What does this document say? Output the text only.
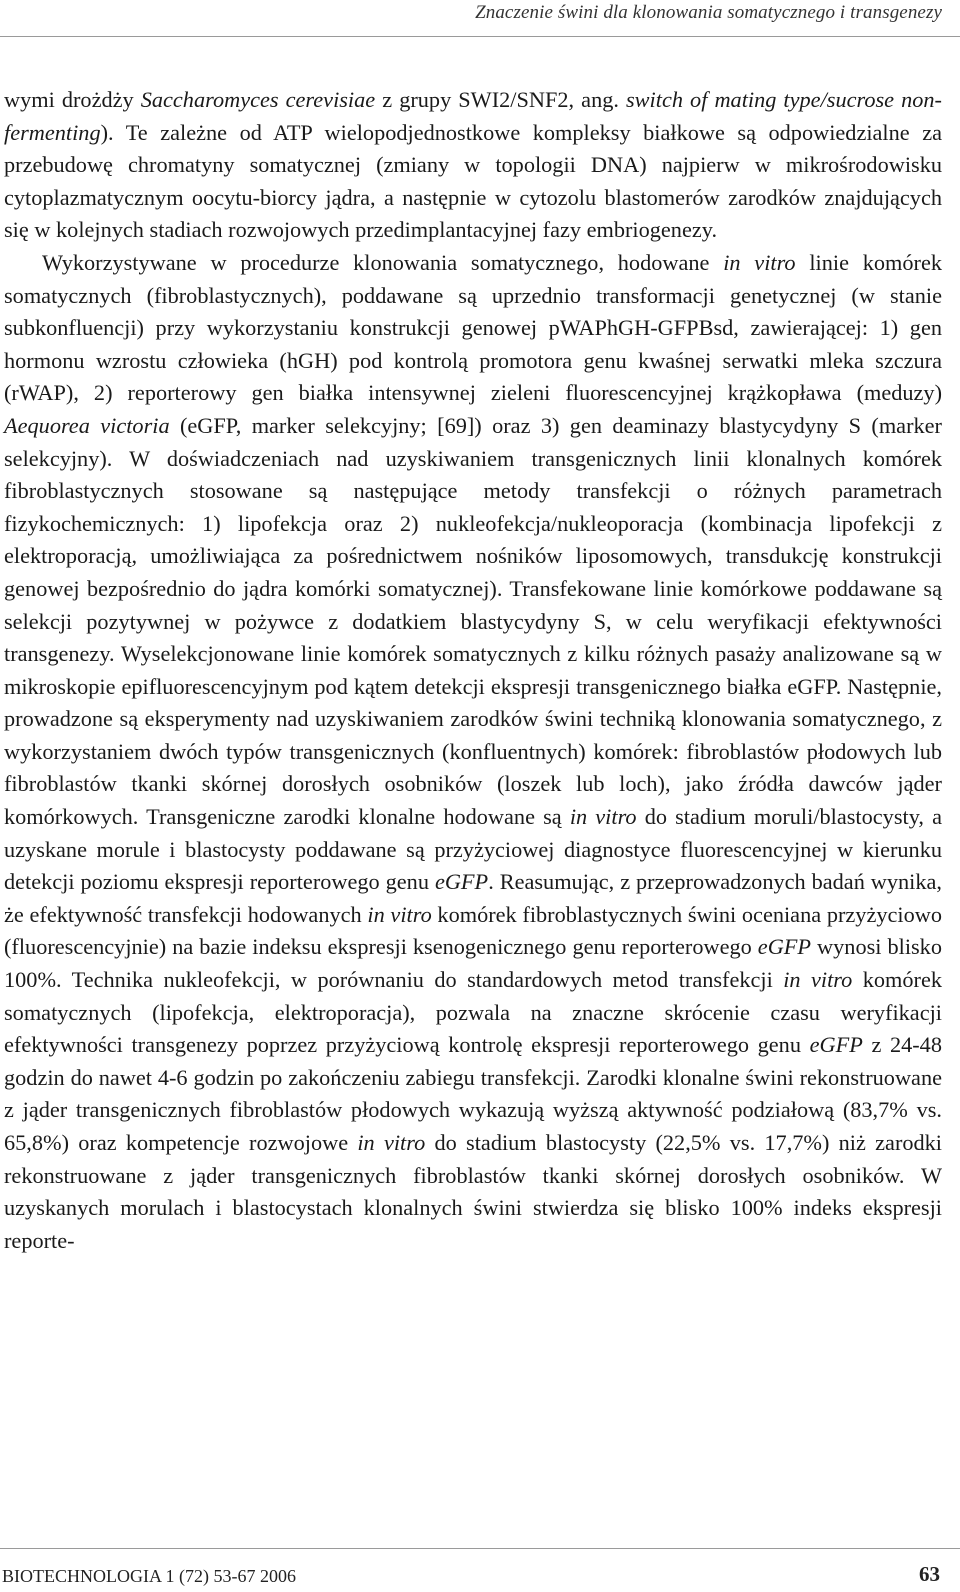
Znaczenie świni dla klonowania somatycznego i transgenezy

wymi drożdży Saccharomyces cerevisiae z grupy SWI2/SNF2, ang. switch of mating type/sucrose non-fermenting). Te zależne od ATP wielopodjednostkowe kompleksy białkowe są odpowiedzialne za przebudowę chromatyny somatycznej (zmiany w topologii DNA) najpierw w mikrośrodowisku cytoplazmatycznym oocytu-biorcy jądra, a następnie w cytozolu blastomerów zarodków znajdujących się w kolejnych stadiach rozwojowych przedimplantacyjnej fazy embriogenezy.

Wykorzystywane w procedurze klonowania somatycznego, hodowane in vitro linie komórek somatycznych (fibroblastycznych), poddawane są uprzednio transformacji genetycznej (w stanie subkonfluencji) przy wykorzystaniu konstrukcji genowej pWAPhGH-GFPBsd, zawierającej: 1) gen hormonu wzrostu człowieka (hGH) pod kontrolą promotora genu kwaśnej serwatki mleka szczura (rWAP), 2) reporterowy gen białka intensywnej zieleni fluorescencyjnej krążkopława (meduzy) Aequorea victoria (eGFP, marker selekcyjny; [69]) oraz 3) gen deaminazy blastycydyny S (marker selekcyjny). W doświadczeniach nad uzyskiwaniem transgenicznych linii klonalnych komórek fibroblastycznych stosowane są następujące metody transfekcji o różnych parametrach fizykochemicznych: 1) lipofekcja oraz 2) nukleofekcja/nukleoporacja (kombinacja lipofekcji z elektroporacją, umożliwiająca za pośrednictwem nośników liposomowych, transdukcję konstrukcji genowej bezpośrednio do jądra komórki somatycznej). Transfekowane linie komórkowe poddawane są selekcji pozytywnej w pożywce z dodatkiem blastycydyny S, w celu weryfikacji efektywności transgenezy. Wyselekcjonowane linie komórek somatycznych z kilku różnych pasaży analizowane są w mikroskopie epifluorescencyjnym pod kątem detekcji ekspresji transgenicznego białka eGFP. Następnie, prowadzone są eksperymenty nad uzyskiwaniem zarodków świni techniką klonowania somatycznego, z wykorzystaniem dwóch typów transgenicznych (konfluentnych) komórek: fibroblastów płodowych lub fibroblastów tkanki skórnej dorosłych osobników (loszek lub loch), jako źródła dawców jąder komórkowych. Transgeniczne zarodki klonalne hodowane są in vitro do stadium moruli/blastocysty, a uzyskane morule i blastocysty poddawane są przyżyciowej diagnostyce fluorescencyjnej w kierunku detekcji poziomu ekspresji reporterowego genu eGFP. Reasumując, z przeprowadzonych badań wynika, że efektywność transfekcji hodowanych in vitro komórek fibroblastycznych świni oceniana przyżyciowo (fluorescencyjnie) na bazie indeksu ekspresji ksenogenicznego genu reporterowego eGFP wynosi blisko 100%. Technika nukleofekcji, w porównaniu do standardowych metod transfekcji in vitro komórek somatycznych (lipofekcja, elektroporacja), pozwala na znaczne skrócenie czasu weryfikacji efektywności transgenezy poprzez przyżyciową kontrolę ekspresji reporterowego genu eGFP z 24-48 godzin do nawet 4-6 godzin po zakończeniu zabiegu transfekcji. Zarodki klonalne świni rekonstruowane z jąder transgenicznych fibroblastów płodowych wykazują wyższą aktywność podziałową (83,7% vs. 65,8%) oraz kompetencje rozwojowe in vitro do stadium blastocysty (22,5% vs. 17,7%) niż zarodki rekonstruowane z jąder transgenicznych fibroblastów tkanki skórnej dorosłych osobników. W uzyskanych morulach i blastocystach klonalnych świni stwierdza się blisko 100% indeks ekspresji reporte-

BIOTECHNOLOGIA 1 (72) 53-67 2006	63
